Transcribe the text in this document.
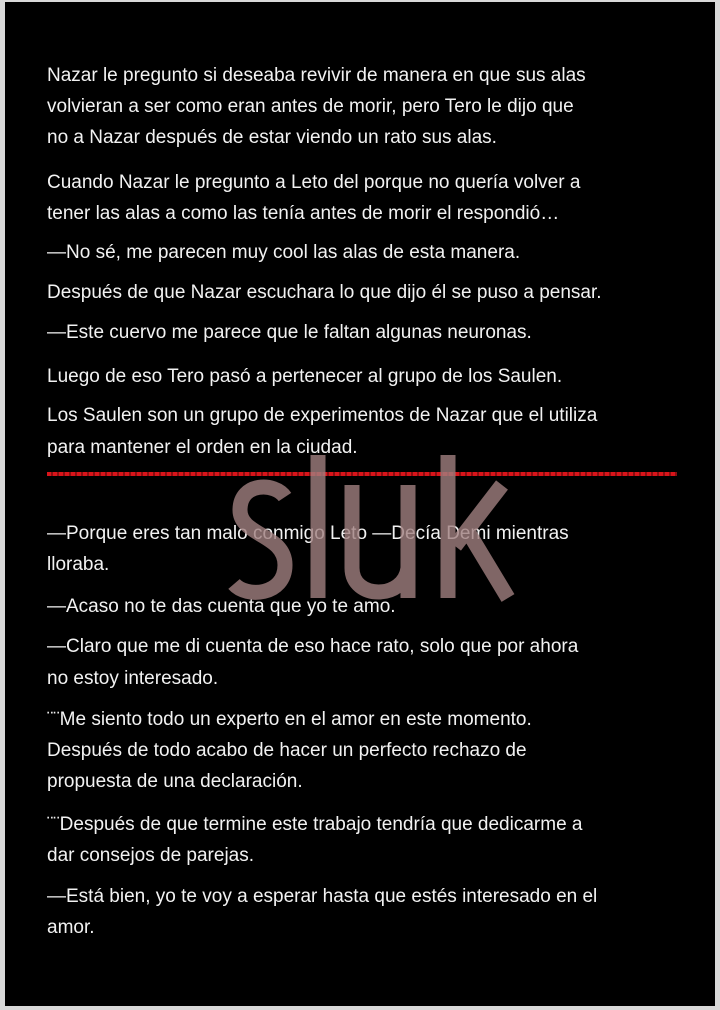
Nazar le pregunto si deseaba revivir de manera en que sus alas
volvieran a ser como eran antes de morir, pero Tero le dijo que
no a Nazar después de estar viendo un rato sus alas.
Cuando Nazar le pregunto a Leto del porque no quería volver a
tener las alas a como las tenía antes de morir el respondió…
—No sé, me parecen muy cool las alas de esta manera.
Después de que Nazar escuchara lo que dijo él se puso a pensar.
—Este cuervo me parece que le faltan algunas neuronas.
Luego de eso Tero pasó a pertenecer al grupo de los Saulen.
Los Saulen son un grupo de experimentos de Nazar que el utiliza
para mantener el orden en la ciudad.
—Porque eres tan malo conmigo Leto —Decía Demi mientras
lloraba.
—Acaso no te das cuenta que yo te amo.
—Claro que me di cuenta de eso hace rato, solo que por ahora
no estoy interesado.
¨¨Me siento todo un experto en el amor en este momento.
Después de todo acabo de hacer un perfecto rechazo de
propuesta de una declaración.
¨¨Después de que termine este trabajo tendría que dedicarme a
dar consejos de parejas.
—Está bien, yo te voy a esperar hasta que estés interesado en el
amor.
